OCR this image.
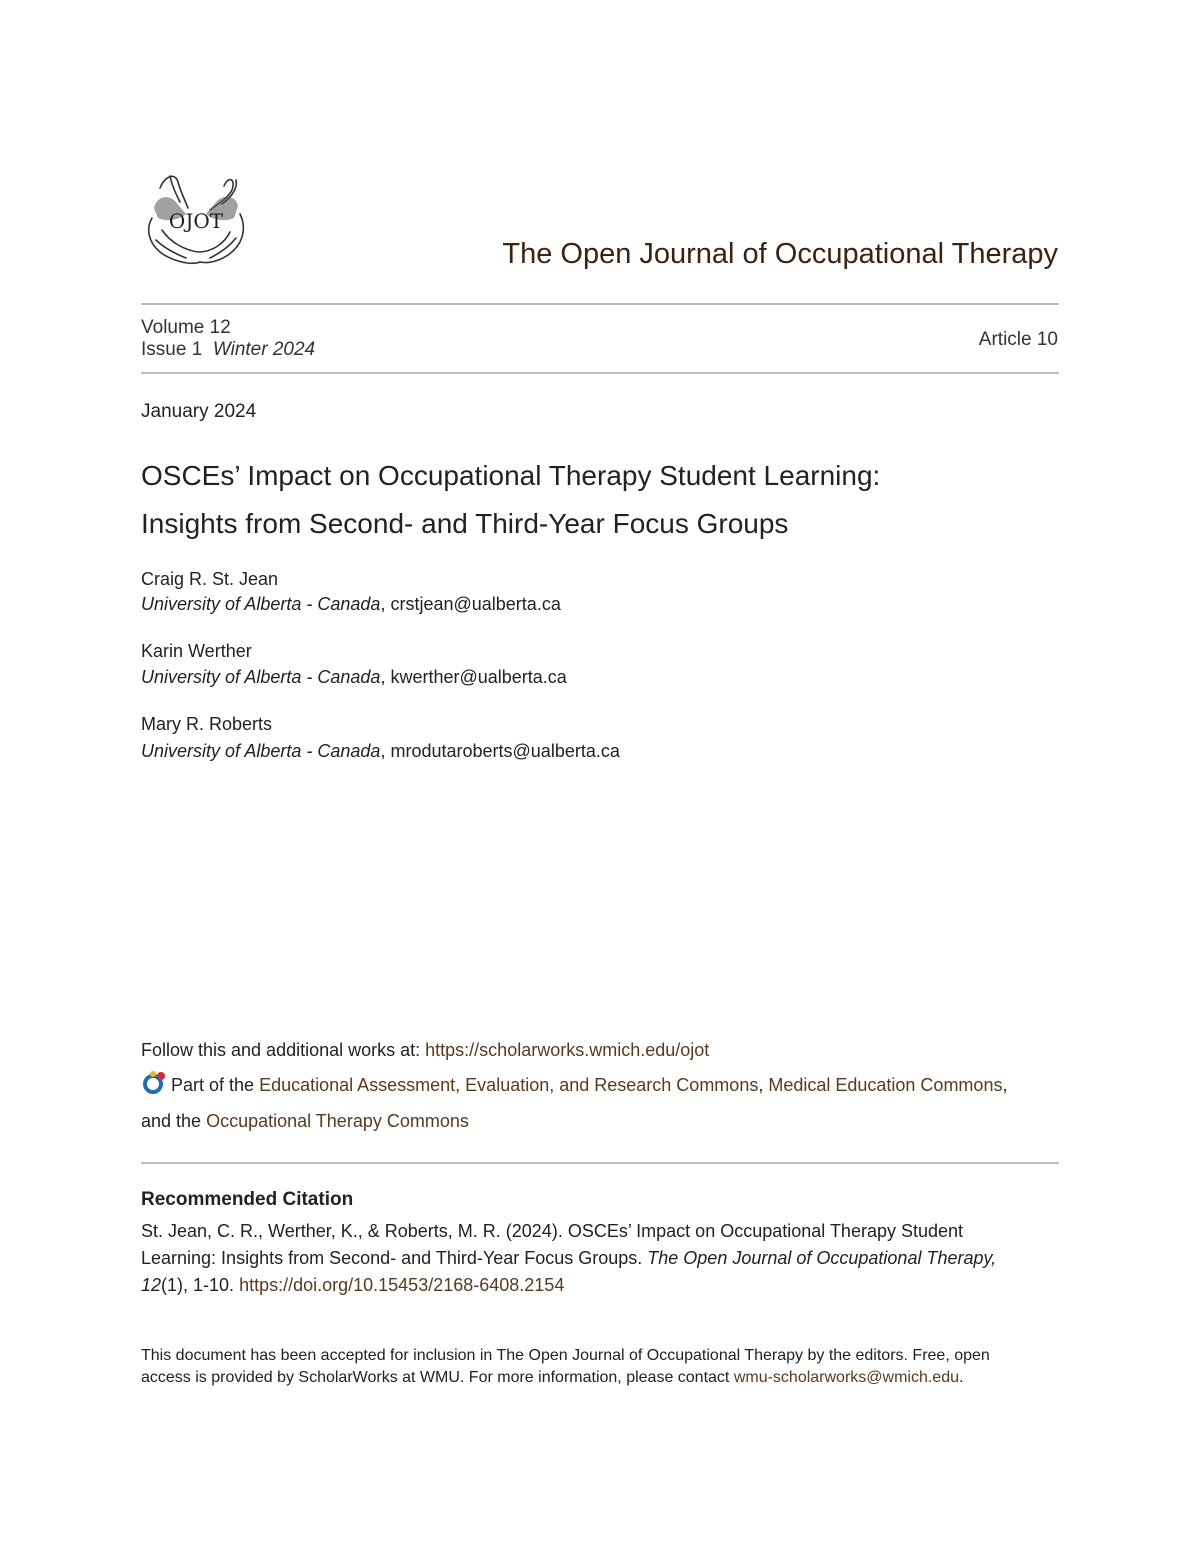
OJOT
The Open Journal of Occupational Therapy
Volume 12
Issue 1 Winter 2024	Article 10
January 2024
OSCEs’ Impact on Occupational Therapy Student Learning:
Insights from Second- and Third-Year Focus Groups
Craig R. St. Jean
University of Alberta - Canada, crstjean@ualberta.ca
Karin Werther
University of Alberta - Canada, kwerther@ualberta.ca
Mary R. Roberts
University of Alberta - Canada, mrodutaroberts@ualberta.ca
Follow this and additional works at: https://scholarworks.wmich.edu/ojot
Part of the Educational Assessment, Evaluation, and Research Commons, Medical Education Commons, and the Occupational Therapy Commons
Recommended Citation
St. Jean, C. R., Werther, K., & Roberts, M. R. (2024). OSCEs’ Impact on Occupational Therapy Student Learning: Insights from Second- and Third-Year Focus Groups. The Open Journal of Occupational Therapy, 12(1), 1-10. https://doi.org/10.15453/2168-6408.2154
This document has been accepted for inclusion in The Open Journal of Occupational Therapy by the editors. Free, open access is provided by ScholarWorks at WMU. For more information, please contact wmu-scholarworks@wmich.edu.
